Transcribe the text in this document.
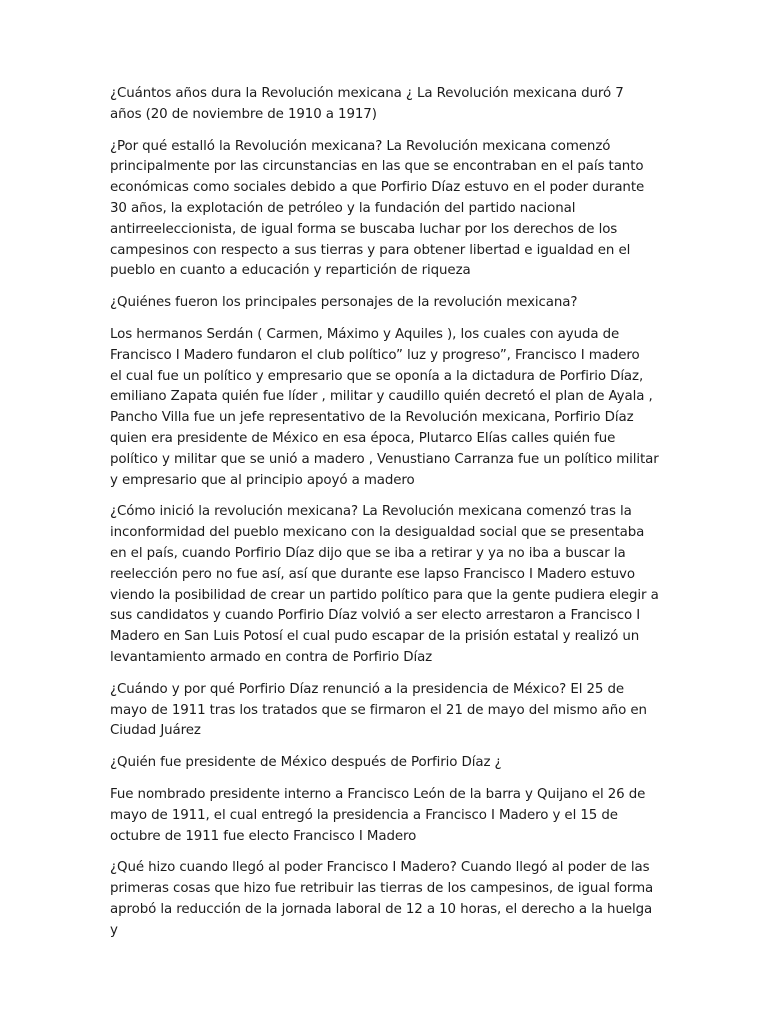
¿Cuántos años dura la Revolución mexicana ¿ La Revolución mexicana duró 7
años (20 de noviembre de 1910 a 1917)

¿Por qué estalló la Revolución mexicana? La Revolución mexicana comenzó
principalmente por las circunstancias en las que se encontraban en el país tanto
económicas como sociales debido a que Porfirio Díaz estuvo en el poder durante
30 años, la explotación de petróleo y la fundación del partido nacional
antirreeleccionista, de igual forma se buscaba luchar por los derechos de los
campesinos con respecto a sus tierras y para obtener libertad e igualdad en el
pueblo en cuanto a educación y repartición de riqueza

¿Quiénes fueron los principales personajes de la revolución mexicana?

Los hermanos Serdán ( Carmen, Máximo y Aquiles ), los cuales con ayuda de
Francisco I Madero fundaron el club político” luz y progreso”, Francisco I madero
el cual fue un político y empresario que se oponía a la dictadura de Porfirio Díaz,
emiliano Zapata quién fue líder , militar y caudillo quién decretó el plan de Ayala ,
Pancho Villa fue un jefe representativo de la Revolución mexicana, Porfirio Díaz
quien era presidente de México en esa época, Plutarco Elías calles quién fue
político y militar que se unió a madero , Venustiano Carranza fue un político militar
y empresario que al principio apoyó a madero

¿Cómo inició la revolución mexicana? La Revolución mexicana comenzó tras la
inconformidad del pueblo mexicano con la desigualdad social que se presentaba
en el país, cuando Porfirio Díaz dijo que se iba a retirar y ya no iba a buscar la
reelección pero no fue así, así que durante ese lapso Francisco I Madero estuvo
viendo la posibilidad de crear un partido político para que la gente pudiera elegir a
sus candidatos y cuando Porfirio Díaz volvió a ser electo arrestaron a Francisco I
Madero en San Luis Potosí el cual pudo escapar de la prisión estatal y realizó un
levantamiento armado en contra de Porfirio Díaz

¿Cuándo y por qué Porfirio Díaz renunció a la presidencia de México? El 25 de
mayo de 1911 tras los tratados que se firmaron el 21 de mayo del mismo año en
Ciudad Juárez

¿Quién fue presidente de México después de Porfirio Díaz ¿

Fue nombrado presidente interno a Francisco León de la barra y Quijano el 26 de
mayo de 1911, el cual entregó la presidencia a Francisco I Madero y el 15 de
octubre de 1911 fue electo Francisco I Madero

¿Qué hizo cuando llegó al poder Francisco I Madero? Cuando llegó al poder de las
primeras cosas que hizo fue retribuir las tierras de los campesinos, de igual forma
aprobó la reducción de la jornada laboral de 12 a 10 horas, el derecho a la huelga y
